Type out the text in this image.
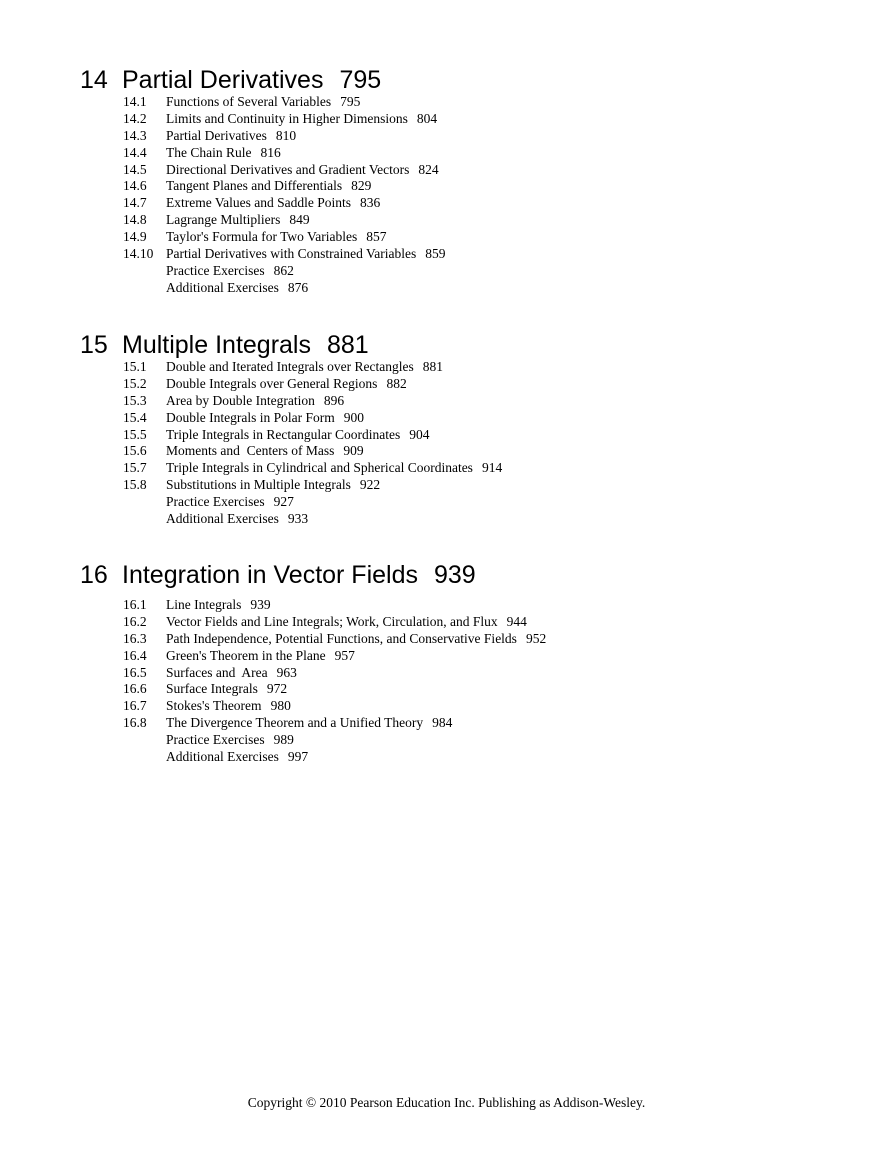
14 Partial Derivatives 795
14.1 Functions of Several Variables 795
14.2 Limits and Continuity in Higher Dimensions 804
14.3 Partial Derivatives 810
14.4 The Chain Rule 816
14.5 Directional Derivatives and Gradient Vectors 824
14.6 Tangent Planes and Differentials 829
14.7 Extreme Values and Saddle Points 836
14.8 Lagrange Multipliers 849
14.9 Taylor's Formula for Two Variables 857
14.10 Partial Derivatives with Constrained Variables 859
Practice Exercises 862
Additional Exercises 876
15 Multiple Integrals 881
15.1 Double and Iterated Integrals over Rectangles 881
15.2 Double Integrals over General Regions 882
15.3 Area by Double Integration 896
15.4 Double Integrals in Polar Form 900
15.5 Triple Integrals in Rectangular Coordinates 904
15.6 Moments and  Centers of Mass 909
15.7 Triple Integrals in Cylindrical and Spherical Coordinates 914
15.8 Substitutions in Multiple Integrals 922
Practice Exercises 927
Additional Exercises 933
16 Integration in Vector Fields 939
16.1 Line Integrals 939
16.2 Vector Fields and Line Integrals; Work, Circulation, and Flux 944
16.3 Path Independence, Potential Functions, and Conservative Fields 952
16.4 Green's Theorem in the Plane 957
16.5 Surfaces and  Area 963
16.6 Surface Integrals 972
16.7 Stokes's Theorem 980
16.8 The Divergence Theorem and a Unified Theory 984
Practice Exercises 989
Additional Exercises 997
Copyright © 2010 Pearson Education Inc. Publishing as Addison-Wesley.
